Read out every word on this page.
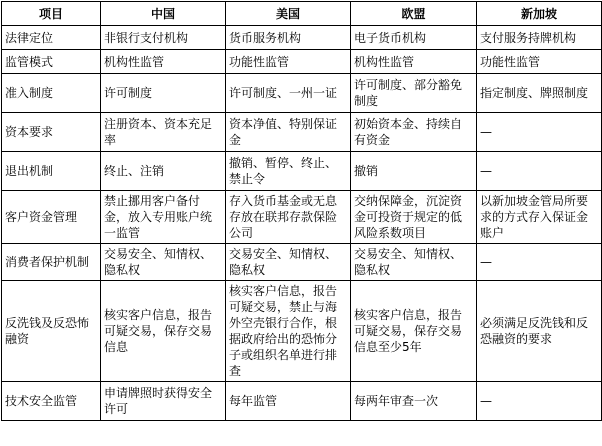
项目	中国	美国	欧盟	新加坡
法律定位	非银行支付机构	货币服务机构	电子货币机构	支付服务持牌机构
监管模式	机构性监管	功能性监管	机构性监管	功能性监管
准入制度	许可制度	许可制度、一州一证	许可制度、部分豁免制度	指定制度、牌照制度
资本要求	注册资本、资本充足率	资本净值、特别保证金	初始资本金、持续自有资金	—
退出机制	终止、注销	撤销、暂停、终止、禁止令	撤销	—
客户资金管理	禁止挪用客户备付金，放入专用账户统一监管	存入货币基金或无息存放在联邦存款保险公司	交纳保障金，沉淀资金可投资于规定的低风险系数项目	以新加坡金管局所要求的方式存入保证金账户
消费者保护机制	交易安全、知情权、隐私权	交易安全、知情权、隐私权	交易安全、知情权、隐私权	—
反洗钱及反恐怖融资	核实客户信息，报告可疑交易，保存交易信息	核实客户信息，报告可疑交易，禁止与海外空壳银行合作，根据政府给出的恐怖分子或组织名单进行排查	核实客户信息，报告可疑交易，保存交易信息至少5年	必须满足反洗钱和反恐融资的要求
技术安全监管	申请牌照时获得安全许可	每年监管	每两年审查一次	—
